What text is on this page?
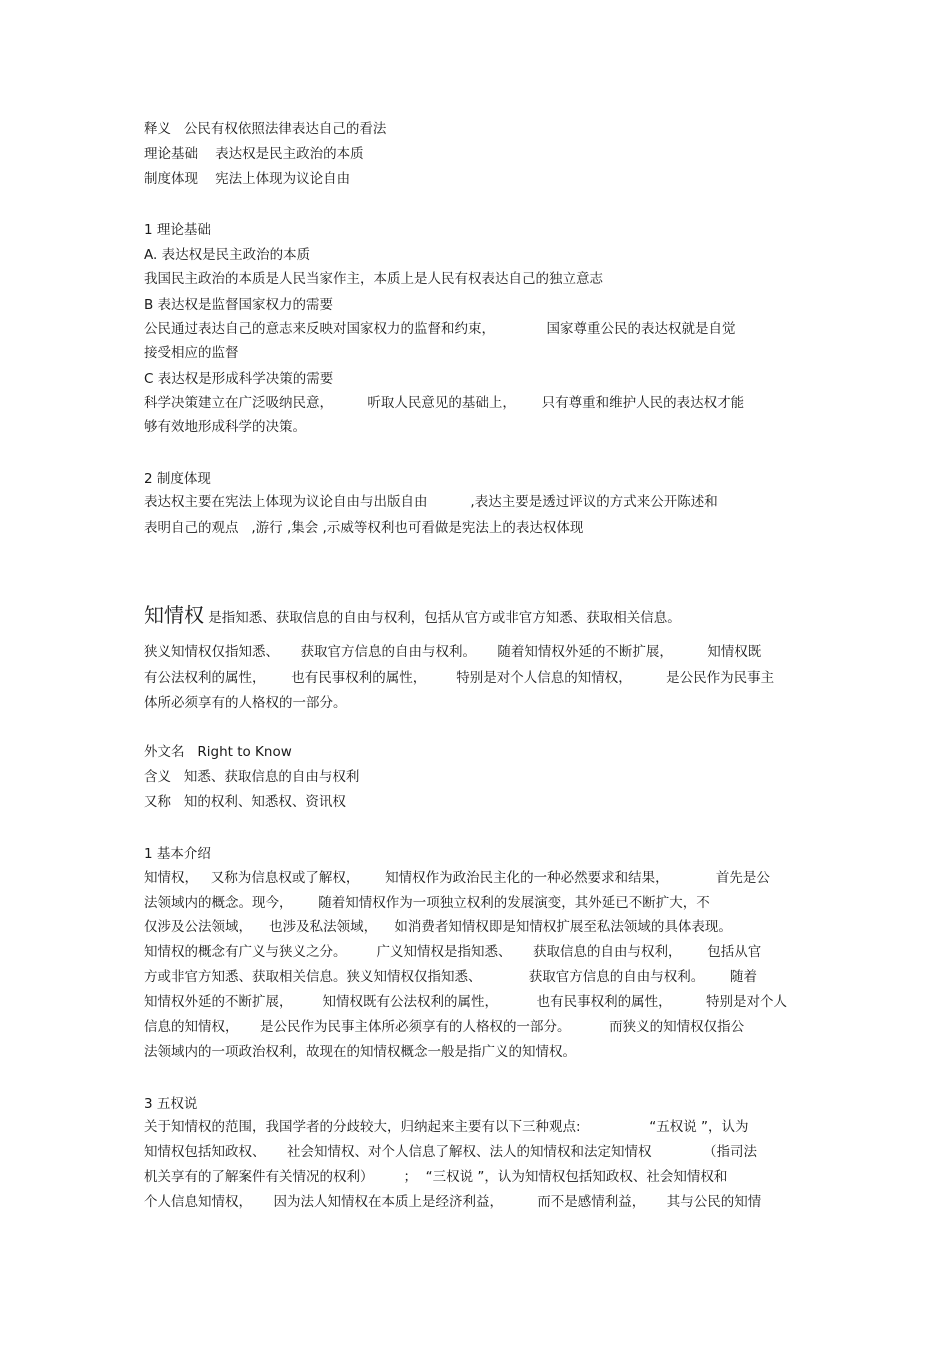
释义   公民有权依照法律表达自己的看法
理论基础    表达权是民主政治的本质
制度体现    宪法上体现为议论自由
1 理论基础
A. 表达权是民主政治的本质
我国民主政治的本质是人民当家作主，本质上是人民有权表达自己的独立意志
B 表达权是监督国家权力的需要
公民通过表达自己的意志来反映对国家权力的监督和约束，            国家尊重公民的表达权就是自觉
接受相应的监督
C 表达权是形成科学决策的需要
科学决策建立在广泛吸纳民意，        听取人民意见的基础上，      只有尊重和维护人民的表达权才能
够有效地形成科学的决策。
2 制度体现
表达权主要在宪法上体现为议论自由与出版自由          ,表达主要是透过评议的方式来公开陈述和
表明自己的观点   ,游行 ,集会 ,示威等权利也可看做是宪法上的表达权体现
知情权 是指知悉、获取信息的自由与权利，包括从官方或非官方知悉、获取相关信息。
狭义知情权仅指知悉、     获取官方信息的自由与权利。     随着知情权外延的不断扩展，        知情权既
有公法权利的属性，      也有民事权利的属性，       特别是对个人信息的知情权，        是公民作为民事主
体所必须享有的人格权的一部分。
外文名   Right to Know
含义   知悉、获取信息的自由与权利
又称   知的权利、知悉权、资讯权
1 基本介绍
知情权，   又称为信息权或了解权，      知情权作为政治民主化的一种必然要求和结果，           首先是公
法领域内的概念。现今，      随着知情权作为一项独立权利的发展演变，其外延已不断扩大，不
仅涉及公法领域，    也涉及私法领域，    如消费者知情权即是知情权扩展至私法领域的具体表现。
知情权的概念有广义与狭义之分。       广义知情权是指知悉、     获取信息的自由与权利，      包括从官
方或非官方知悉、获取相关信息。狭义知情权仅指知悉、           获取官方信息的自由与权利。      随着
知情权外延的不断扩展，       知情权既有公法权利的属性，         也有民事权利的属性，        特别是对个人
信息的知情权，     是公民作为民事主体所必须享有的人格权的一部分。         而狭义的知情权仅指公
法领域内的一项政治权利，故现在的知情权概念一般是指广义的知情权。
3 五权说
关于知情权的范围，我国学者的分歧较大，归纳起来主要有以下三种观点:                “五权说 ”，认为
知情权包括知政权、     社会知情权、对个人信息了解权、法人的知情权和法定知情权            （指司法
机关享有的了解案件有关情况的权利）       ；  “三权说 ”，认为知情权包括知政权、社会知情权和
个人信息知情权，     因为法人知情权在本质上是经济利益，        而不是感情利益，     其与公民的知情
